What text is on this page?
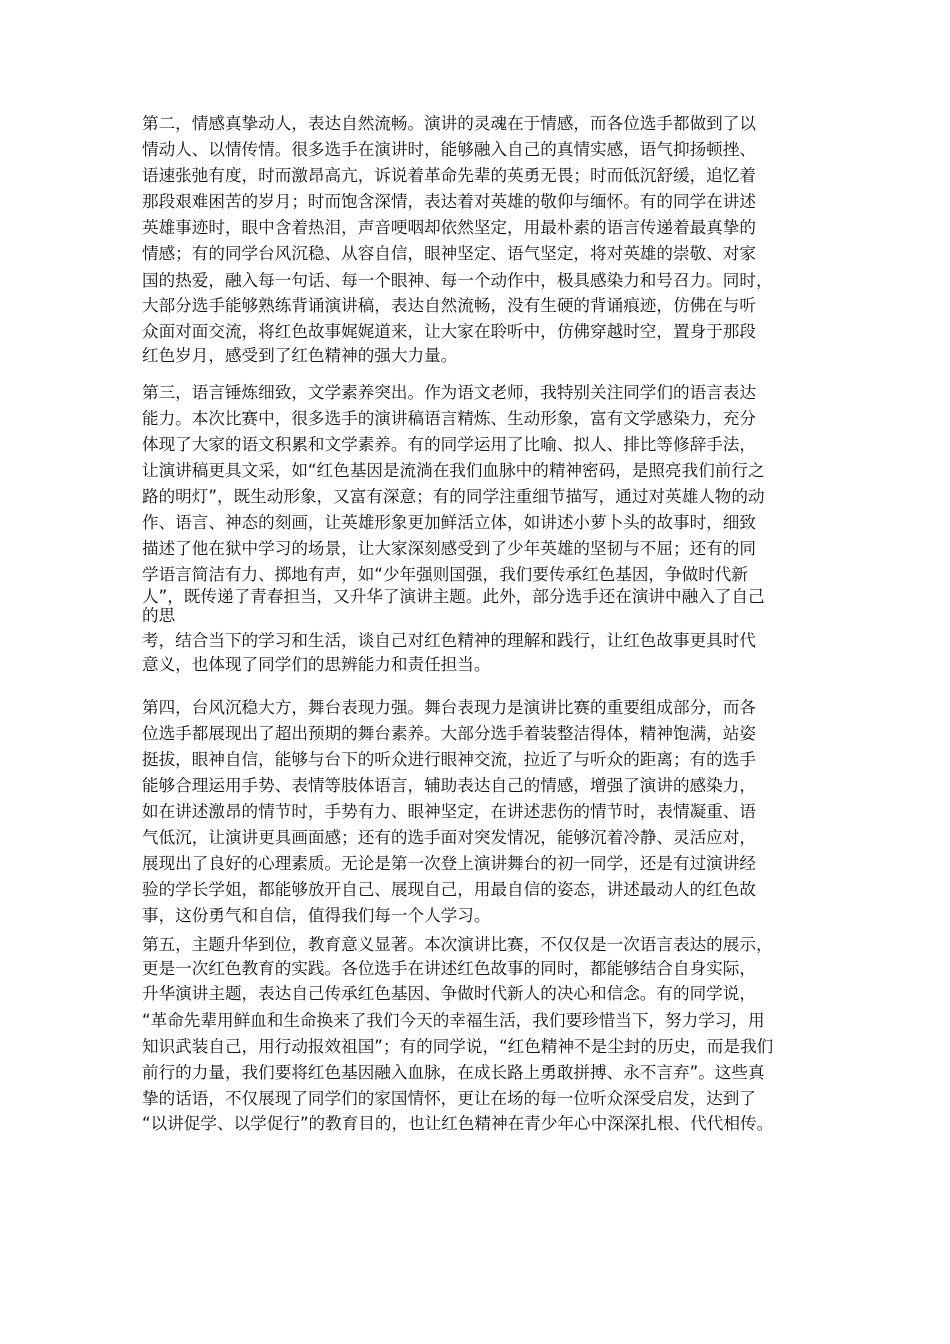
第二，情感真挚动人，表达自然流畅。演讲的灵魂在于情感，而各位选手都做到了以
情动人、以情传情。很多选手在演讲时，能够融入自己的真情实感，语气抑扬顿挫、
语速张弛有度，时而激昂高亢，诉说着革命先辈的英勇无畏；时而低沉舒缓，追忆着
那段艰难困苦的岁月；时而饱含深情，表达着对英雄的敬仰与缅怀。有的同学在讲述
英雄事迹时，眼中含着热泪，声音哽咽却依然坚定，用最朴素的语言传递着最真挚的
情感；有的同学台风沉稳、从容自信，眼神坚定、语气坚定，将对英雄的崇敬、对家
国的热爱，融入每一句话、每一个眼神、每一个动作中，极具感染力和号召力。同时，
大部分选手能够熟练背诵演讲稿，表达自然流畅，没有生硬的背诵痕迹，仿佛在与听
众面对面交流，将红色故事娓娓道来，让大家在聆听中，仿佛穿越时空，置身于那段
红色岁月，感受到了红色精神的强大力量。
第三，语言锤炼细致，文学素养突出。作为语文老师，我特别关注同学们的语言表达
能力。本次比赛中，很多选手的演讲稿语言精炼、生动形象，富有文学感染力，充分
体现了大家的语文积累和文学素养。有的同学运用了比喻、拟人、排比等修辞手法，
让演讲稿更具文采，如“红色基因是流淌在我们血脉中的精神密码，是照亮我们前行之
路的明灯”，既生动形象，又富有深意；有的同学注重细节描写，通过对英雄人物的动
作、语言、神态的刻画，让英雄形象更加鲜活立体，如讲述小萝卜头的故事时，细致
描述了他在狱中学习的场景，让大家深刻感受到了少年英雄的坚韧与不屈；还有的同
学语言简洁有力、掷地有声，如“少年强则国强，我们要传承红色基因，争做时代新
人”，既传递了青春担当，又升华了演讲主题。此外，部分选手还在演讲中融入了自己
的思
考，结合当下的学习和生活，谈自己对红色精神的理解和践行，让红色故事更具时代
意义，也体现了同学们的思辨能力和责任担当。
第四，台风沉稳大方，舞台表现力强。舞台表现力是演讲比赛的重要组成部分，而各
位选手都展现出了超出预期的舞台素养。大部分选手着装整洁得体，精神饱满，站姿
挺拔，眼神自信，能够与台下的听众进行眼神交流，拉近了与听众的距离；有的选手
能够合理运用手势、表情等肢体语言，辅助表达自己的情感，增强了演讲的感染力，
如在讲述激昂的情节时，手势有力、眼神坚定，在讲述悲伤的情节时，表情凝重、语
气低沉，让演讲更具画面感；还有的选手面对突发情况，能够沉着冷静、灵活应对，
展现出了良好的心理素质。无论是第一次登上演讲舞台的初一同学，还是有过演讲经
验的学长学姐，都能够放开自己、展现自己，用最自信的姿态，讲述最动人的红色故
事，这份勇气和自信，值得我们每一个人学习。
第五，主题升华到位，教育意义显著。本次演讲比赛，不仅仅是一次语言表达的展示，
更是一次红色教育的实践。各位选手在讲述红色故事的同时，都能够结合自身实际，
升华演讲主题，表达自己传承红色基因、争做时代新人的决心和信念。有的同学说，
“革命先辈用鲜血和生命换来了我们今天的幸福生活，我们要珍惜当下，努力学习，用
知识武装自己，用行动报效祖国”；有的同学说，“红色精神不是尘封的历史，而是我们
前行的力量，我们要将红色基因融入血脉，在成长路上勇敢拼搏、永不言弃”。这些真
挚的话语，不仅展现了同学们的家国情怀，更让在场的每一位听众深受启发，达到了
“以讲促学、以学促行”的教育目的，也让红色精神在青少年心中深深扎根、代代相传。
